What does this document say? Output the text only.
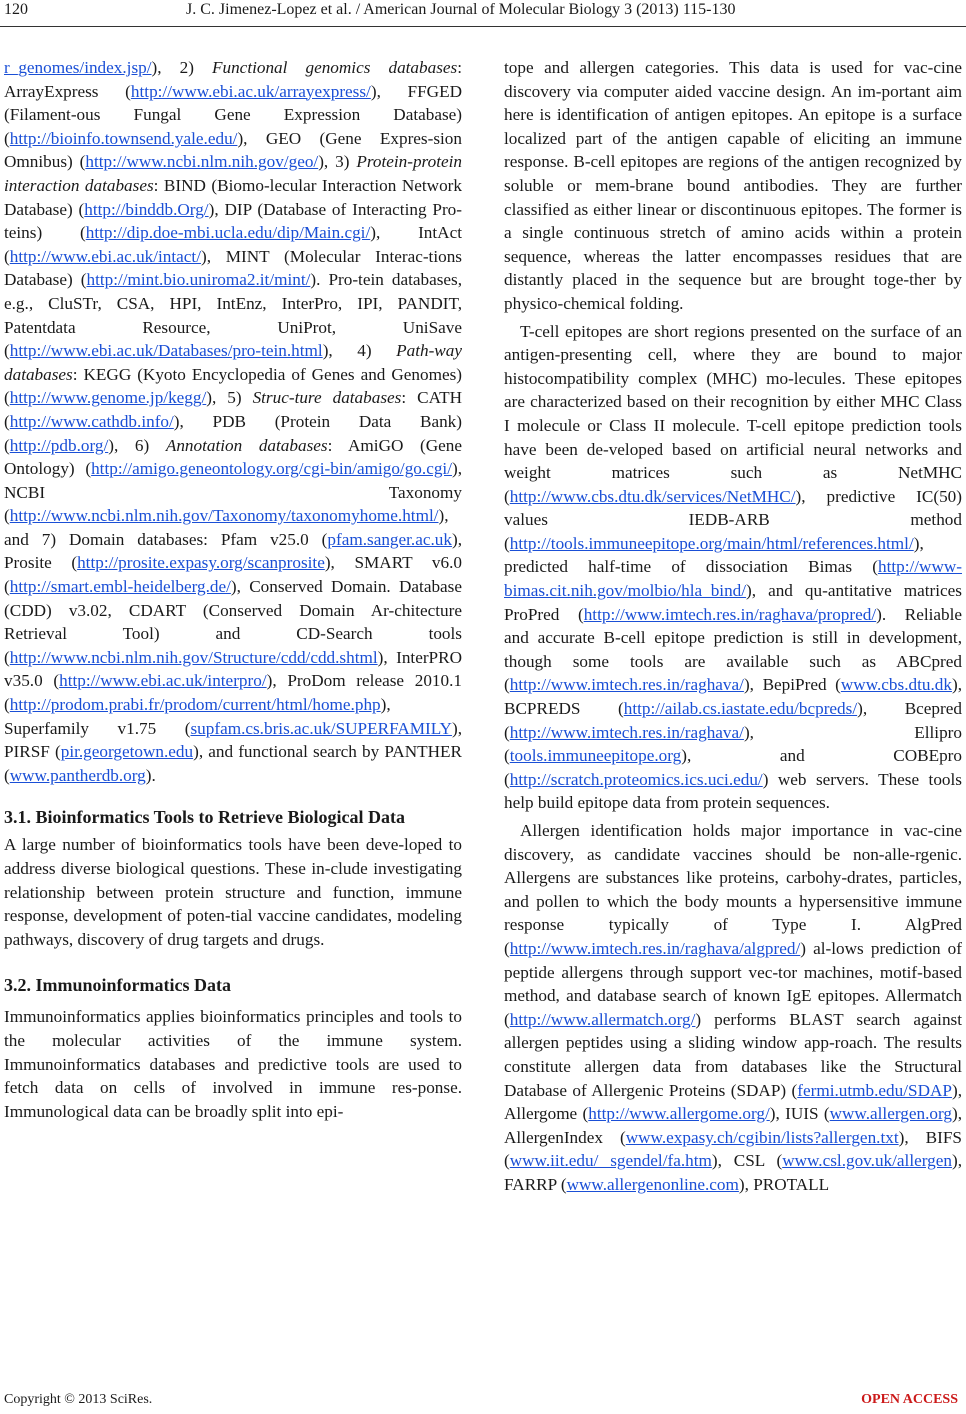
120	J. C. Jimenez-Lopez et al. / American Journal of Molecular Biology 3 (2013) 115-130

r_genomes/index.jsp/), 2) Functional genomics databases: ArrayExpress (http://www.ebi.ac.uk/arrayexpress/), FFGED (Filament-ous Fungal Gene Expression Database) (http://bioinfo.townsend.yale.edu/), GEO (Gene Expres-sion Omnibus) (http://www.ncbi.nlm.nih.gov/geo/), 3) Protein-protein interaction databases: BIND (Biomo-lecular Interaction Network Database) (http://binddb.Org/), DIP (Database of Interacting Pro-teins) (http://dip.doe-mbi.ucla.edu/dip/Main.cgi/), IntAct (http://www.ebi.ac.uk/intact/), MINT (Molecular Interac-tions Database) (http://mint.bio.uniroma2.it/mint/). Pro-tein databases, e.g., CluSTr, CSA, HPI, IntEnz, InterPro, IPI, PANDIT, Patentdata Resource, UniProt, UniSave (http://www.ebi.ac.uk/Databases/pro-tein.html), 4) Path-way databases: KEGG (Kyoto Encyclopedia of Genes and Genomes) (http://www.genome.jp/kegg/), 5) Struc-ture databases: CATH (http://www.cathdb.info/), PDB (Protein Data Bank) (http://pdb.org/), 6) Annotation databases: AmiGO (Gene Ontology) (http://amigo.geneontology.org/cgi-bin/amigo/go.cgi/), NCBI Taxonomy (http://www.ncbi.nlm.nih.gov/Taxonomy/taxonomyhome.html/), and 7) Domain databases: Pfam v25.0 (pfam.sanger.ac.uk), Prosite (http://prosite.expasy.org/scanprosite), SMART v6.0 (http://smart.embl-heidelberg.de/), Conserved Domain. Database (CDD) v3.02, CDART (Conserved Domain Ar-chitecture Retrieval Tool) and CD-Search tools (http://www.ncbi.nlm.nih.gov/Structure/cdd/cdd.shtml), InterPRO v35.0 (http://www.ebi.ac.uk/interpro/), ProDom release 2010.1 (http://prodom.prabi.fr/prodom/current/html/home.php), Superfamily v1.75 (supfam.cs.bris.ac.uk/SUPERFAMILY), PIRSF (pir.georgetown.edu), and functional search by PANTHER (www.pantherdb.org).

3.1. Bioinformatics Tools to Retrieve Biological Data

A large number of bioinformatics tools have been deve-loped to address diverse biological questions. These in-clude investigating relationship between protein structure and function, immune response, development of poten-tial vaccine candidates, modeling pathways, discovery of drug targets and drugs.

3.2. Immunoinformatics Data

Immunoinformatics applies bioinformatics principles and tools to the molecular activities of the immune system. Immunoinformatics databases and predictive tools are used to fetch data on cells of involved in immune res-ponse. Immunological data can be broadly split into epi-

tope and allergen categories. This data is used for vac-cine discovery via computer aided vaccine design. An im-portant aim here is identification of antigen epitopes. An epitope is a surface localized part of the antigen capable of eliciting an immune response. B-cell epitopes are regions of the antigen recognized by soluble or mem-brane bound antibodies. They are further classified as either linear or discontinuous epitopes. The former is a single continuous stretch of amino acids within a protein sequence, whereas the latter encompasses residues that are distantly placed in the sequence but are brought toge-ther by physico-chemical folding.

T-cell epitopes are short regions presented on the surface of an antigen-presenting cell, where they are bound to major histocompatibility complex (MHC) mo-lecules. These epitopes are characterized based on their recognition by either MHC Class I molecule or Class II molecule. T-cell epitope prediction tools have been de-veloped based on artificial neural networks and weight matrices such as NetMHC (http://www.cbs.dtu.dk/services/NetMHC/), predictive IC(50) values IEDB-ARB method (http://tools.immuneepitope.org/main/html/references.html/), predicted half-time of dissociation Bimas (http://www-bimas.cit.nih.gov/molbio/hla_bind/), and qu-antitative matrices ProPred (http://www.imtech.res.in/raghava/propred/). Reliable and accurate B-cell epitope prediction is still in development, though some tools are available such as ABCpred (http://www.imtech.res.in/raghava/), BepiPred (www.cbs.dtu.dk), BCPREDS (http://ailab.cs.iastate.edu/bcpreds/), Bcepred (http://www.imtech.res.in/raghava/), Ellipro (tools.immuneepitope.org), and COBEpro (http://scratch.proteomics.ics.uci.edu/) web servers. These tools help build epitope data from protein sequences.

Allergen identification holds major importance in vac-cine discovery, as candidate vaccines should be non-alle-rgenic. Allergens are substances like proteins, carbohy-drates, particles, and pollen to which the body mounts a hypersensitive immune response typically of Type I. AlgPred (http://www.imtech.res.in/raghava/algpred/) al-lows prediction of peptide allergens through support vec-tor machines, motif-based method, and database search of known IgE epitopes. Allermatch (http://www.allermatch.org/) performs BLAST search against allergen peptides using a sliding window app-roach. The results constitute allergen data from databases like the Structural Database of Allergenic Proteins (SDAP) (fermi.utmb.edu/SDAP), Allergome (http://www.allergome.org/), IUIS (www.allergen.org), AllergenIndex (www.expasy.ch/cgibin/lists?allergen.txt), BIFS (www.iit.edu/ sgendel/fa.htm), CSL (www.csl.gov.uk/allergen), FARRP (www.allergenonline.com), PROTALL

Copyright © 2013 SciRes.	OPEN ACCESS
